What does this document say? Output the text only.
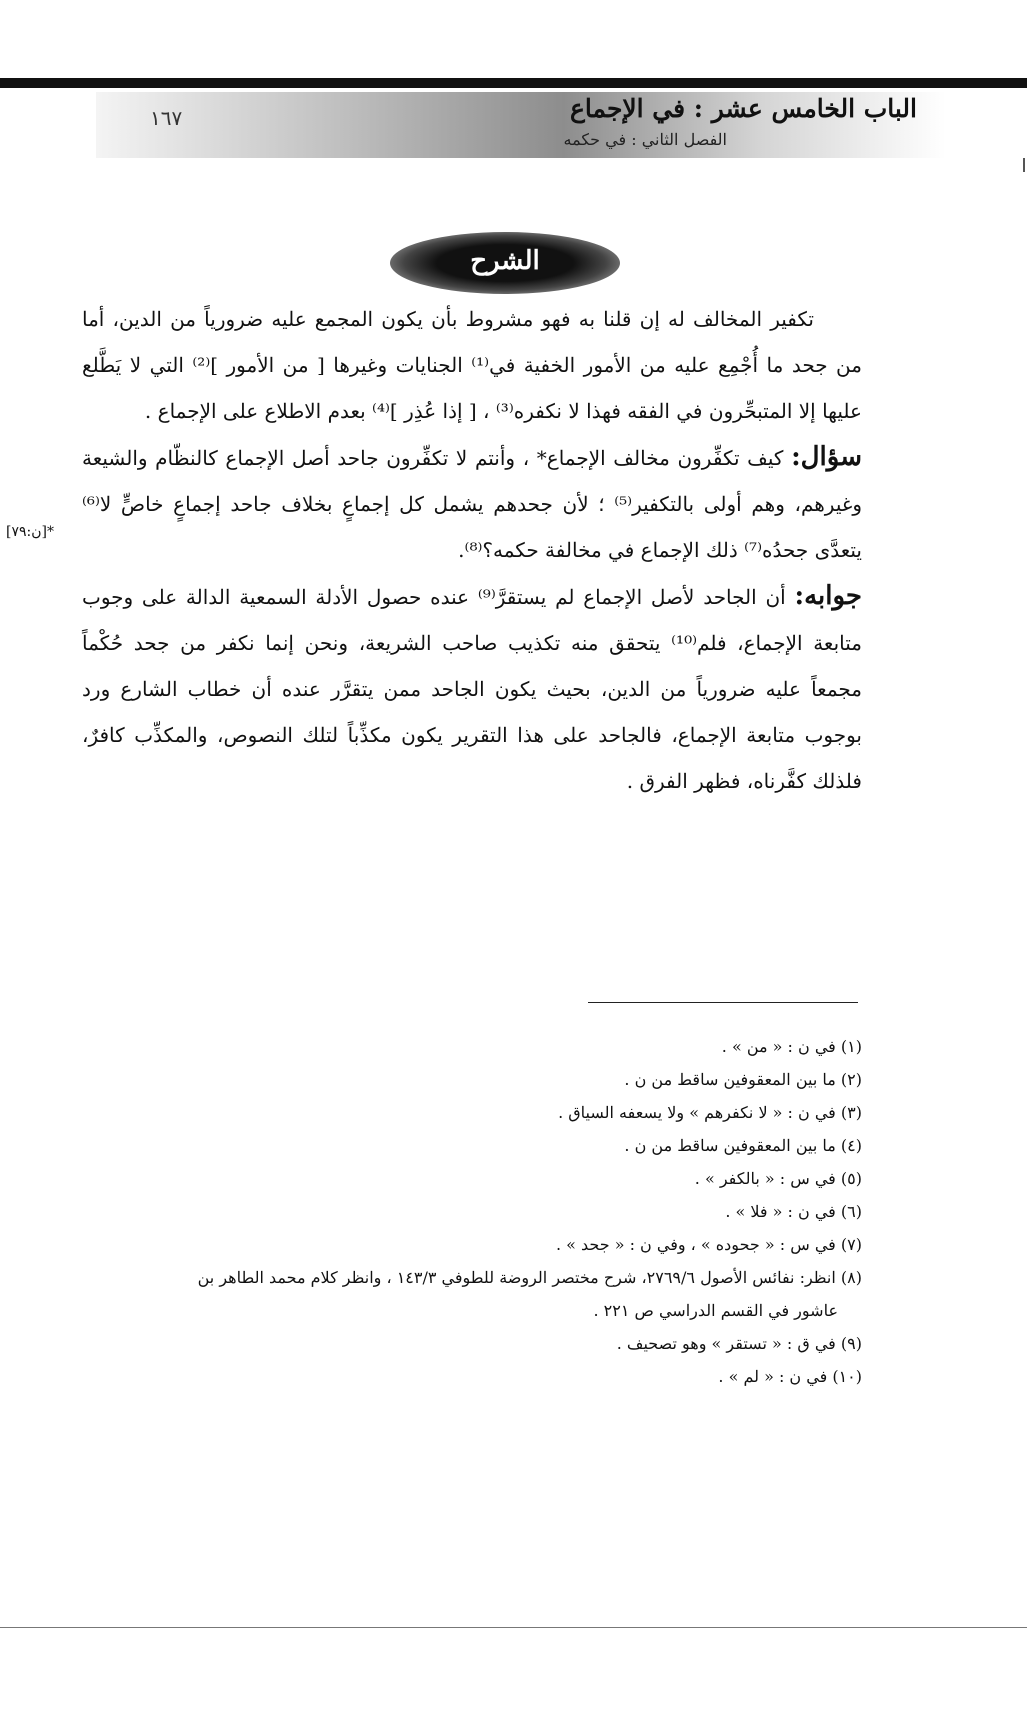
١٦٧	الباب الخامس عشر : في الإجماع
الفصل الثاني : في حكمه
الشرح
[ن:٧٩]*

تكفير المخالف له إن قلنا به فهو مشروط بأن يكون المجمع عليه ضرورياً من الدين، أما من جحد ما أُجْمِع عليه من الأمور الخفية في⁽¹⁾ الجنايات وغيرها [ من الأمور ]⁽²⁾ التي لا يَطَّلع عليها إلا المتبحِّرون في الفقه فهذا لا نكفره⁽³⁾ ، [ إذا عُذِر ]⁽⁴⁾ بعدم الاطلاع على الإجماع .

سؤال: كيف تكفِّرون مخالف الإجماع* ، وأنتم لا تكفِّرون جاحد أصل الإجماع كالنظّام والشيعة وغيرهم، وهم أولى بالتكفير⁽⁵⁾ ؛ لأن جحدهم يشمل كل إجماعٍ بخلاف جاحد إجماعٍ خاصٍّ لا⁽⁶⁾ يتعدَّى جحدُه⁽⁷⁾ ذلك الإجماع في مخالفة حكمه؟⁽⁸⁾.

جوابه: أن الجاحد لأصل الإجماع لم يستقرَّ⁽⁹⁾ عنده حصول الأدلة السمعية الدالة على وجوب متابعة الإجماع، فلم⁽¹⁰⁾ يتحقق منه تكذيب صاحب الشريعة، ونحن إنما نكفر من جحد حُكْماً مجمعاً عليه ضرورياً من الدين، بحيث يكون الجاحد ممن يتقرَّر عنده أن خطاب الشارع ورد بوجوب متابعة الإجماع، فالجاحد على هذا التقرير يكون مكذِّباً لتلك النصوص، والمكذِّب كافرٌ، فلذلك كفَّرناه، فظهر الفرق .

(١) في ن : « من » .
(٢) ما بين المعقوفين ساقط من ن .
(٣) في ن : « لا نكفرهم » ولا يسعفه السياق .
(٤) ما بين المعقوفين ساقط من ن .
(٥) في س : « بالكفر » .
(٦) في ن : « فلا » .
(٧) في س : « جحوده » ، وفي ن : « جحد » .
(٨) انظر: نفائس الأصول ٢٧٦٩/٦، شرح مختصر الروضة للطوفي ١٤٣/٣ ، وانظر كلام محمد الطاهر بن
عاشور في القسم الدراسي ص ٢٢١ .
(٩) في ق : « تستقر » وهو تصحيف .
(١٠) في ن : « لم » .
